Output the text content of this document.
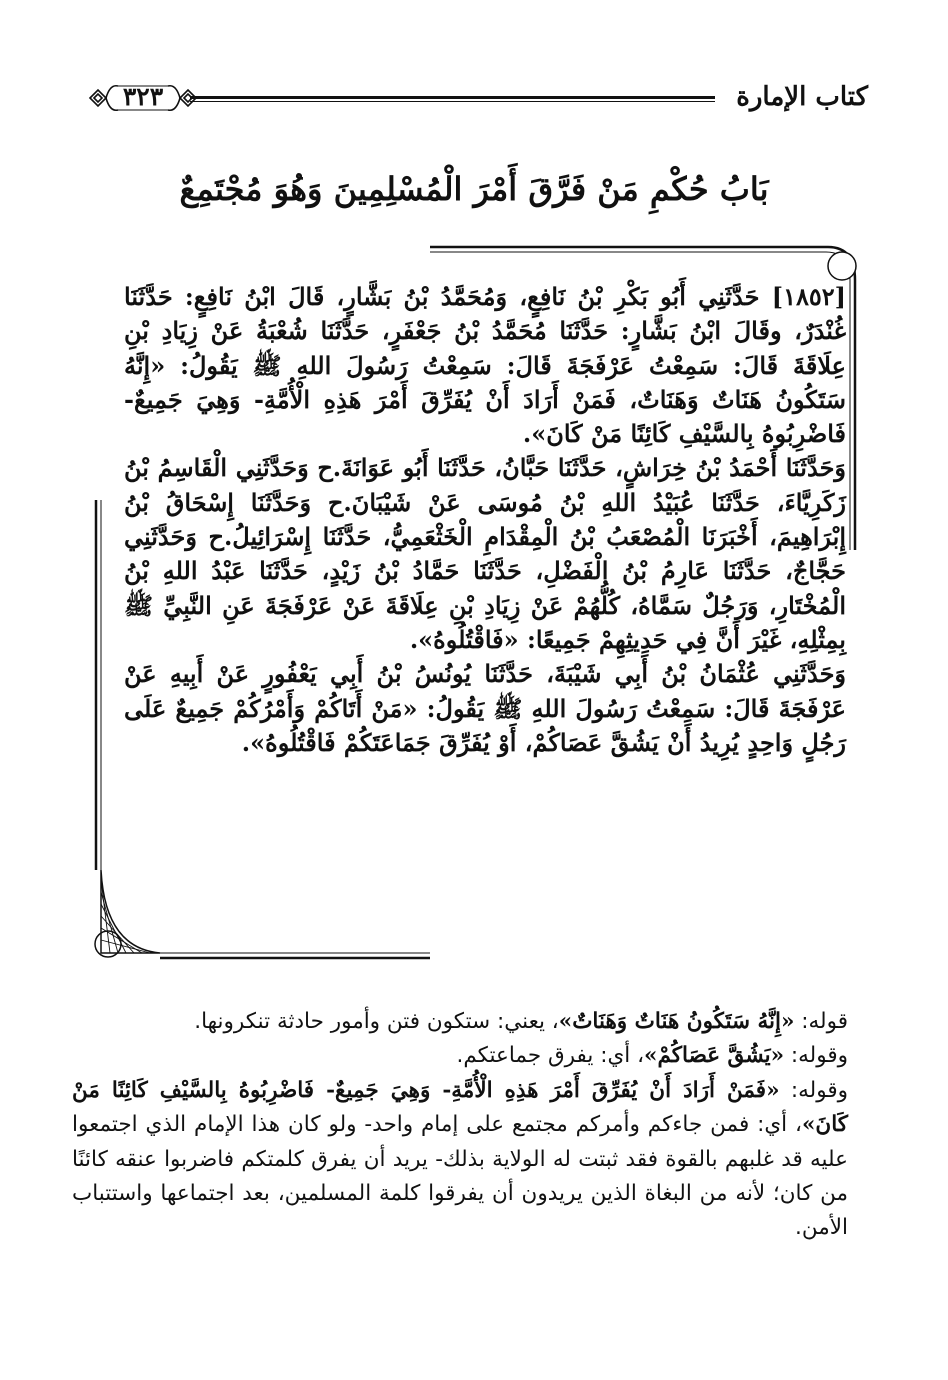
كتاب الإمارة
٣٢٣
بَابُ حُكْمِ مَنْ فَرَّقَ أَمْرَ الْمُسْلِمِينَ وَهُوَ مُجْتَمِعٌ

[١٨٥٢] حَدَّثَنِي أَبُو بَكْرِ بْنُ نَافِعٍ، وَمُحَمَّدُ بْنُ بَشَّارٍ، قَالَ ابْنُ نَافِعٍ: حَدَّثَنَا غُنْدَرٌ، وقَالَ ابْنُ بَشَّارٍ: حَدَّثَنَا مُحَمَّدُ بْنُ جَعْفَرٍ، حَدَّثَنَا شُعْبَةُ عَنْ زِيَادِ بْنِ عِلَاقَةَ قَالَ: سَمِعْتُ عَرْفَجَةَ قَالَ: سَمِعْتُ رَسُولَ اللهِ ﷺ يَقُولُ: «إِنَّهُ سَتَكُونُ هَنَاتٌ وَهَنَاتٌ، فَمَنْ أَرَادَ أَنْ يُفَرِّقَ أَمْرَ هَذِهِ الْأُمَّةِ- وَهِيَ جَمِيعٌ- فَاضْرِبُوهُ بِالسَّيْفِ كَائِنًا مَنْ كَانَ».

وَحَدَّثَنَا أَحْمَدُ بْنُ خِرَاشٍ، حَدَّثَنَا حَبَّانُ، حَدَّثَنَا أَبُو عَوَانَةَ.ح وَحَدَّثَنِي الْقَاسِمُ بْنُ زَكَرِيَّاءَ، حَدَّثَنَا عُبَيْدُ اللهِ بْنُ مُوسَى عَنْ شَيْبَانَ.ح وَحَدَّثَنَا إِسْحَاقُ بْنُ إِبْرَاهِيمَ، أَخْبَرَنَا الْمُصْعَبُ بْنُ الْمِقْدَامِ الْخَثْعَمِيُّ، حَدَّثَنَا إِسْرَائِيلُ.ح وَحَدَّثَنِي حَجَّاجٌ، حَدَّثَنَا عَارِمُ بْنُ الْفَضْلِ، حَدَّثَنَا حَمَّادُ بْنُ زَيْدٍ، حَدَّثَنَا عَبْدُ اللهِ بْنُ الْمُخْتَارِ، وَرَجُلٌ سَمَّاهُ، كُلُّهُمْ عَنْ زِيَادِ بْنِ عِلَاقَةَ عَنْ عَرْفَجَةَ عَنِ النَّبِيِّ ﷺ بِمِثْلِهِ، غَيْرَ أَنَّ فِي حَدِيثِهِمْ جَمِيعًا: «فَاقْتُلُوهُ».

وَحَدَّثَنِي عُثْمَانُ بْنُ أَبِي شَيْبَةَ، حَدَّثَنَا يُونُسُ بْنُ أَبِي يَعْفُورٍ عَنْ أَبِيهِ عَنْ عَرْفَجَةَ قَالَ: سَمِعْتُ رَسُولَ اللهِ ﷺ يَقُولُ: «مَنْ أَتَاكُمْ وَأَمْرُكُمْ جَمِيعٌ عَلَى رَجُلٍ وَاحِدٍ يُرِيدُ أَنْ يَشُقَّ عَصَاكُمْ، أَوْ يُفَرِّقَ جَمَاعَتَكُمْ فَاقْتُلُوهُ».

قوله: «إِنَّهُ سَتَكُونُ هَنَاتٌ وَهَنَاتٌ»، يعني: ستكون فتن وأمور حادثة تنكرونها.

وقوله: «يَشُقَّ عَصَاكُمْ»، أي: يفرق جماعتكم.

وقوله: «فَمَنْ أَرَادَ أَنْ يُفَرِّقَ أَمْرَ هَذِهِ الْأُمَّةِ- وَهِيَ جَمِيعٌ- فَاضْرِبُوهُ بِالسَّيْفِ كَائِنًا مَنْ كَانَ»، أي: فمن جاءكم وأمركم مجتمع على إمام واحد- ولو كان هذا الإمام الذي اجتمعوا عليه قد غلبهم بالقوة فقد ثبتت له الولاية بذلك- يريد أن يفرق كلمتكم فاضربوا عنقه كائنًا من كان؛ لأنه من البغاة الذين يريدون أن يفرقوا كلمة المسلمين، بعد اجتماعها واستتباب الأمن.
